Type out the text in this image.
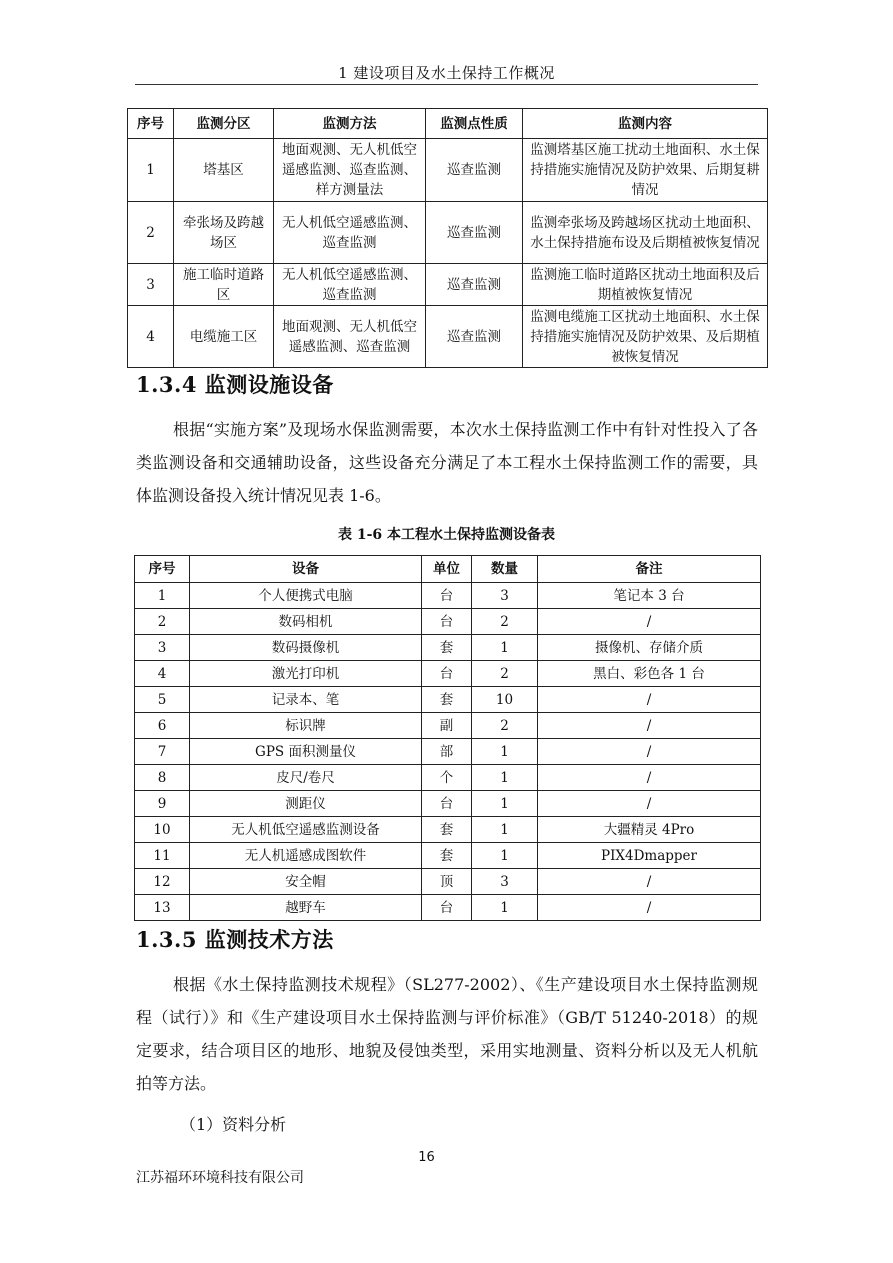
1 建设项目及水土保持工作概况
序号	监测分区	监测方法	监测点性质	监测内容
1	塔基区	地面观测、无人机低空遥感监测、巡查监测、样方测量法	巡查监测	监测塔基区施工扰动土地面积、水土保持措施实施情况及防护效果、后期复耕情况
2	牵张场及跨越场区	无人机低空遥感监测、巡查监测	巡查监测	监测牵张场及跨越场区扰动土地面积、水土保持措施布设及后期植被恢复情况
3	施工临时道路区	无人机低空遥感监测、巡查监测	巡查监测	监测施工临时道路区扰动土地面积及后期植被恢复情况
4	电缆施工区	地面观测、无人机低空遥感监测、巡查监测	巡查监测	监测电缆施工区扰动土地面积、水土保持措施实施情况及防护效果、及后期植被恢复情况
1.3.4 监测设施设备

根据“实施方案”及现场水保监测需要，本次水土保持监测工作中有针对性投入了各类监测设备和交通辅助设备，这些设备充分满足了本工程水土保持监测工作的需要，具体监测设备投入统计情况见表 1-6。

表 1-6 本工程水土保持监测设备表
序号	设备	单位	数量	备注
1	个人便携式电脑	台	3	笔记本 3 台
2	数码相机	台	2	/
3	数码摄像机	套	1	摄像机、存储介质
4	激光打印机	台	2	黑白、彩色各 1 台
5	记录本、笔	套	10	/
6	标识牌	副	2	/
7	GPS 面积测量仪	部	1	/
8	皮尺/卷尺	个	1	/
9	测距仪	台	1	/
10	无人机低空遥感监测设备	套	1	大疆精灵 4Pro
11	无人机遥感成图软件	套	1	PIX4Dmapper
12	安全帽	顶	3	/
13	越野车	台	1	/
1.3.5 监测技术方法

根据《水土保持监测技术规程》（SL277-2002）、《生产建设项目水土保持监测规程（试行）》和《生产建设项目水土保持监测与评价标准》（GB/T 51240-2018）的规定要求，结合项目区的地形、地貌及侵蚀类型，采用实地测量、资料分析以及无人机航拍等方法。

（1）资料分析
16
江苏福环环境科技有限公司
